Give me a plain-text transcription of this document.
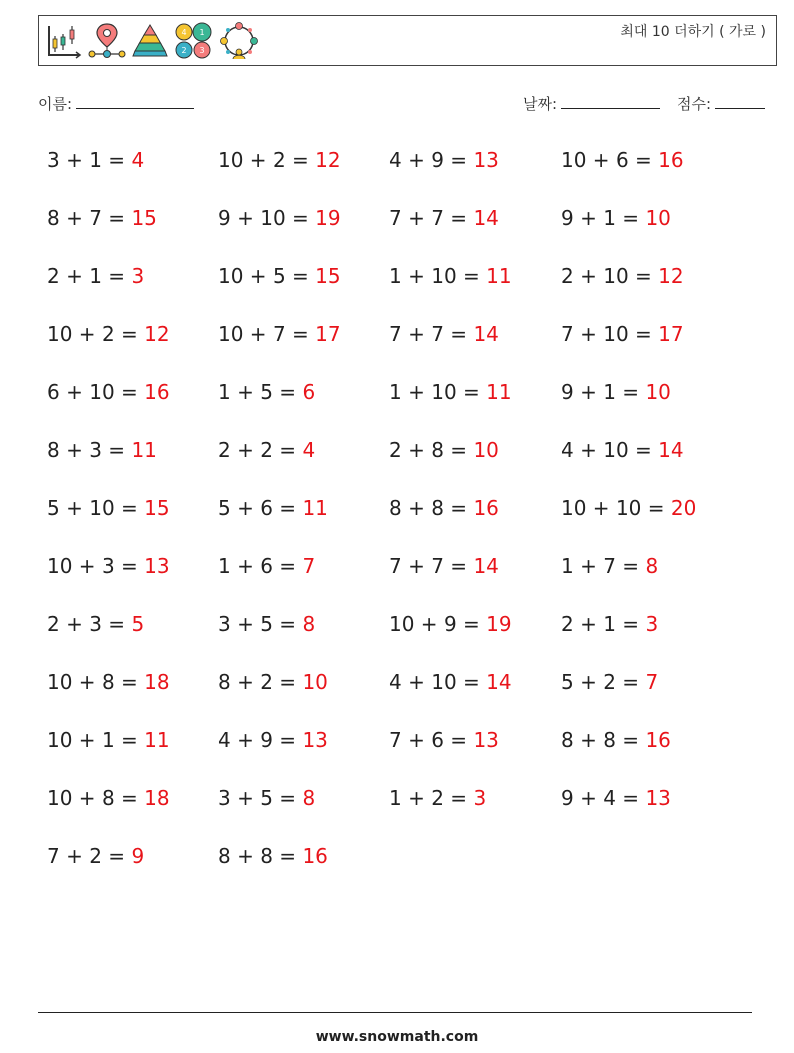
4 1
2 3
최대 10 더하기 ( 가로 )
이름:	날짜:	점수:
3 + 1 = 4	10 + 2 = 12	4 + 9 = 13	10 + 6 = 16
8 + 7 = 15	9 + 10 = 19	7 + 7 = 14	9 + 1 = 10
2 + 1 = 3	10 + 5 = 15	1 + 10 = 11	2 + 10 = 12
10 + 2 = 12	10 + 7 = 17	7 + 7 = 14	7 + 10 = 17
6 + 10 = 16	1 + 5 = 6	1 + 10 = 11	9 + 1 = 10
8 + 3 = 11	2 + 2 = 4	2 + 8 = 10	4 + 10 = 14
5 + 10 = 15	5 + 6 = 11	8 + 8 = 16	10 + 10 = 20
10 + 3 = 13	1 + 6 = 7	7 + 7 = 14	1 + 7 = 8
2 + 3 = 5	3 + 5 = 8	10 + 9 = 19	2 + 1 = 3
10 + 8 = 18	8 + 2 = 10	4 + 10 = 14	5 + 2 = 7
10 + 1 = 11	4 + 9 = 13	7 + 6 = 13	8 + 8 = 16
10 + 8 = 18	3 + 5 = 8	1 + 2 = 3	9 + 4 = 13
7 + 2 = 9	8 + 8 = 16
www.snowmath.com
